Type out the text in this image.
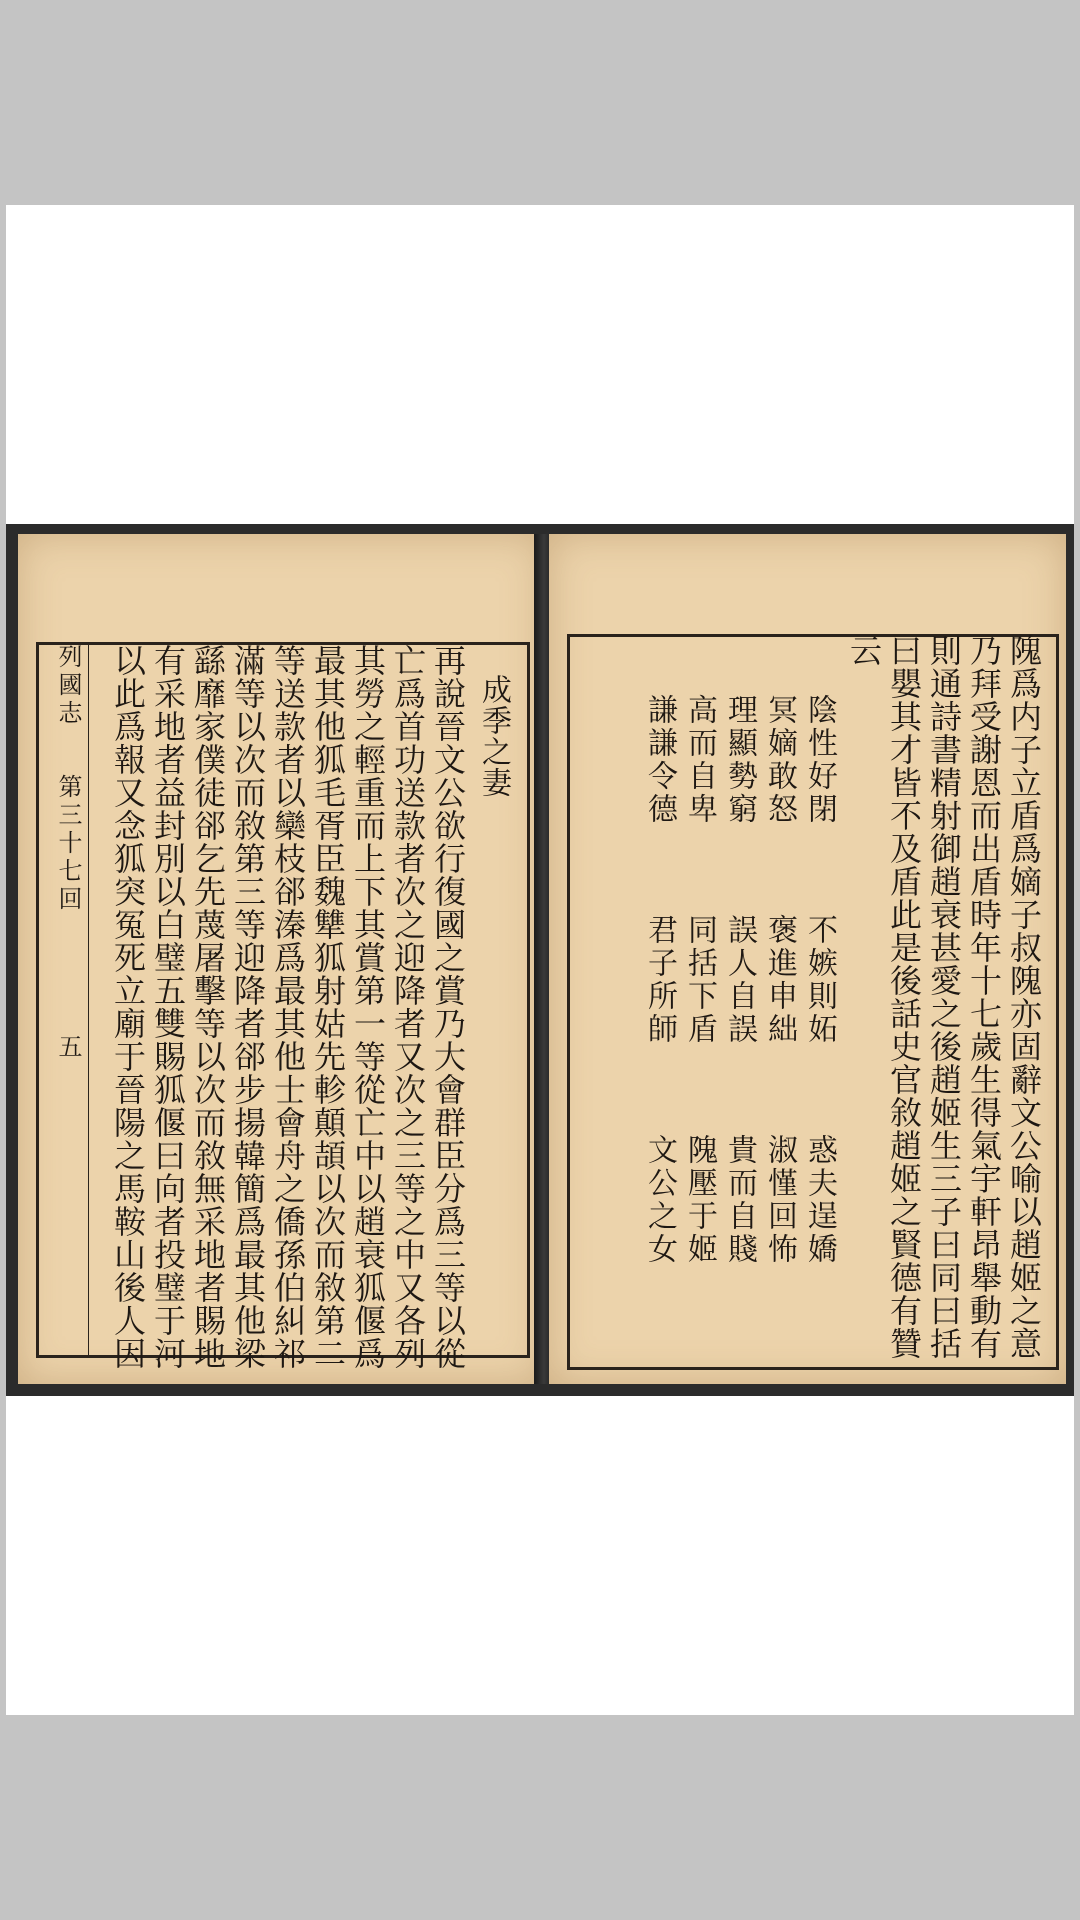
成季之妻
再說晉文公欲行復國之賞乃大會群臣分爲三等以從
亡爲首功送款者次之迎降者又次之三等之中又各列
其勞之輕重而上下其賞第一等從亡中以趙衰狐偃爲
最其他狐毛胥臣魏犨狐射姑先軫顛頡以次而敘第二
等送款者以欒枝郤溱爲最其他士會舟之僑孫伯糾祁
滿等以次而敘第三等迎降者郤步揚韓簡爲最其他梁
繇靡家僕徒郤乞先蔑屠擊等以次而敘無采地者賜地
有采地者益封別以白璧五雙賜狐偃曰向者投璧于河
以此爲報又念狐突冤死立廟于晉陽之馬鞍山後人因
列國志
第三十七回
五	隗爲内子立盾爲嫡子叔隗亦固辭文公喻以趙姬之意
乃拜受謝恩而出盾時年十七歲生得氣宇軒昂舉動有
則通詩書精射御趙衰甚愛之後趙姬生三子曰同曰括
曰嬰其才皆不及盾此是後話史官敘趙姬之賢德有贊
云
陰性好閉
不嫉則妬
惑夫逞嬌
冥嫡敢怒
褒進申絀
淑慬回怖
理顯勢窮
誤人自誤
貴而自賤
高而自卑
同括下盾
隗壓于姬
謙謙令德
君子所師
文公之女
